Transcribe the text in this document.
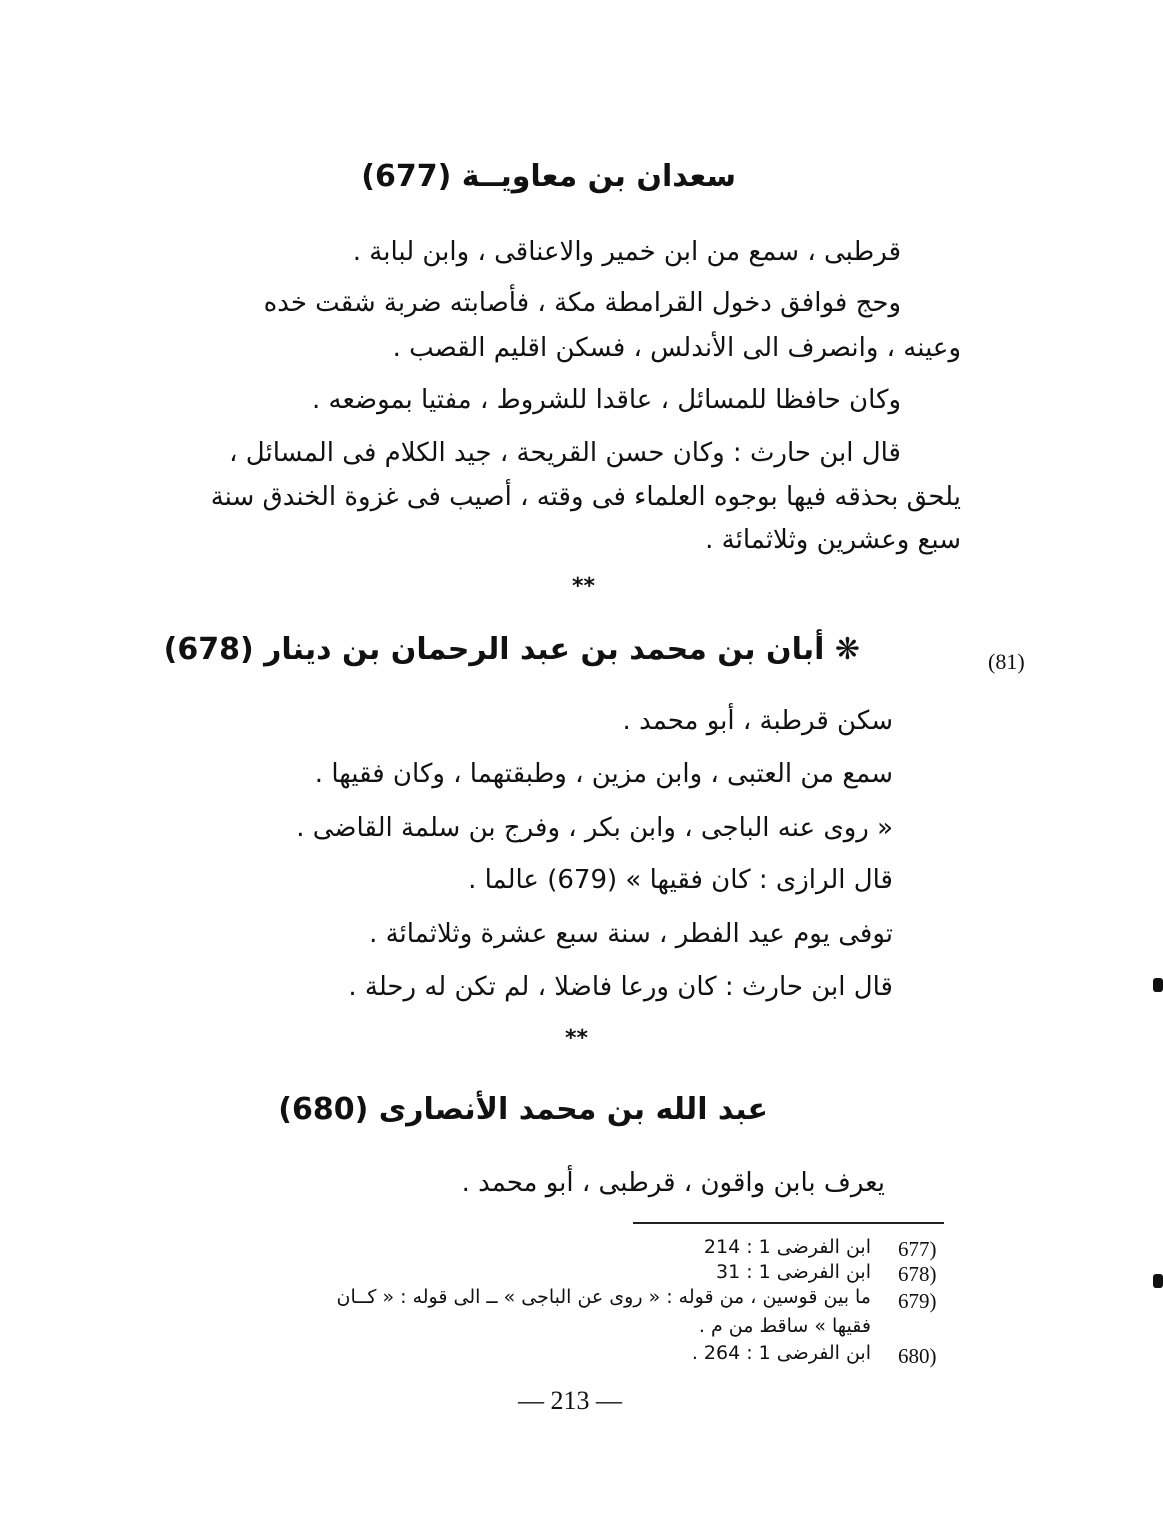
سعدان بن معاويــة (677)
قرطبى ، سمع من ابن خمير والاعناقى ، وابن لبابة .
وحج فوافق دخول القرامطة مكة ، فأصابته ضربة شقت خده
وعينه ، وانصرف الى الأندلس ، فسكن اقليم القصب .
وكان حافظا للمسائل ، عاقدا للشروط ، مفتيا بموضعه .
قال ابن حارث : وكان حسن القريحة ، جيد الكلام فى المسائل ،
يلحق بحذقه فيها بوجوه العلماء فى وقته ، أصيب فى غزوة الخندق سنة
سبع وعشرين وثلاثمائة .
**
❋ أبان بن محمد بن عبد الرحمان بن دينار (678)	(81)
سكن قرطبة ، أبو محمد .
سمع من العتبى ، وابن مزين ، وطبقتهما ، وكان فقيها .
« روى عنه الباجى ، وابن بكر ، وفرج بن سلمة القاضى .
قال الرازى : كان فقيها » (679) عالما .
توفى يوم عيد الفطر ، سنة سبع عشرة وثلاثمائة .
قال ابن حارث : كان ورعا فاضلا ، لم تكن له رحلة .
**
عبد الله بن محمد الأنصارى (680)
يعرف بابن واقون ، قرطبى ، أبو محمد .
677)
ابن الفرضى 1 : 214
678)
ابن الفرضى 1 : 31
679)
ما بين قوسين ، من قوله : « روى عن الباجى » ــ الى قوله : « كــان
فقيها » ساقط من م .
680)
ابن الفرضى 1 : 264 .
— 213 —
